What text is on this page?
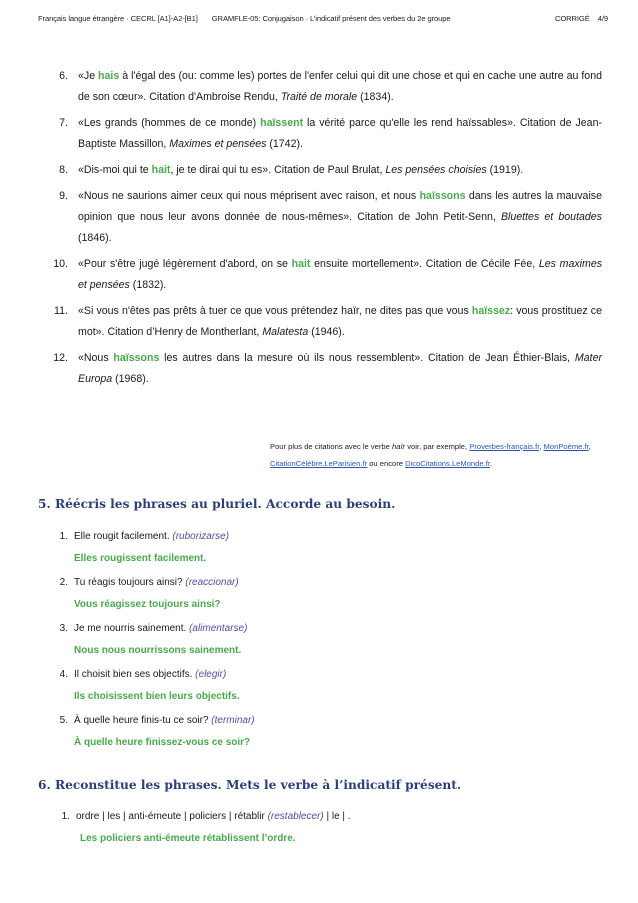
Français langue étrangère · CECRL [A1]-A2-[B1] GRAMFLE-05: Conjugaison · L’indicatif présent des verbes du 2e groupe	CORRIGÉ 4/9
6. «Je hais à l'égal des (ou: comme les) portes de l'enfer celui qui dit une chose et qui en cache une autre au fond de son cœur». Citation d'Ambroise Rendu, Traité de morale (1834).
7. «Les grands (hommes de ce monde) haïssent la vérité parce qu'elle les rend haïssables». Citation de Jean-Baptiste Massillon, Maximes et pensées (1742).
8. «Dis-moi qui te hait, je te dirai qui tu es». Citation de Paul Brulat, Les pensées choisies (1919).
9. «Nous ne saurions aimer ceux qui nous méprisent avec raison, et nous haïssons dans les autres la mauvaise opinion que nous leur avons donnée de nous-mêmes». Citation de John Petit-Senn, Bluettes et boutades (1846).
10. «Pour s'être jugé légèrement d'abord, on se hait ensuite mortellement». Citation de Cécile Fée, Les maximes et pensées (1832).
11. «Si vous n'êtes pas prêts à tuer ce que vous prétendez haïr, ne dites pas que vous haïssez: vous prostituez ce mot». Citation d’Henry de Montherlant, Malatesta (1946).
12. «Nous haïssons les autres dans la mesure où ils nous ressemblent». Citation de Jean Éthier-Blais, Mater Europa (1968).
Pour plus de citations avec le verbe haïr voir, par exemple, Proverbes-français.fr, MonPoème.fr, CitationCélèbre.LeParisien.fr ou encore DicoCitations.LeMonde.fr.
5. Réécris les phrases au pluriel. Accorde au besoin.
1. Elle rougit facilement. (ruborizarse)
Elles rougissent facilement.
2. Tu réagis toujours ainsi? (reaccionar)
Vous réagissez toujours ainsi?
3. Je me nourris sainement. (alimentarse)
Nous nous nourrissons sainement.
4. Il choisit bien ses objectifs. (elegir)
Ils choisissent bien leurs objectifs.
5. À quelle heure finis-tu ce soir? (terminar)
À quelle heure finissez-vous ce soir?
6. Reconstitue les phrases. Mets le verbe à l’indicatif présent.
1. ordre | les | anti-émeute | policiers | rétablir (restablecer) | le | .
Les policiers anti-émeute rétablissent l’ordre.
